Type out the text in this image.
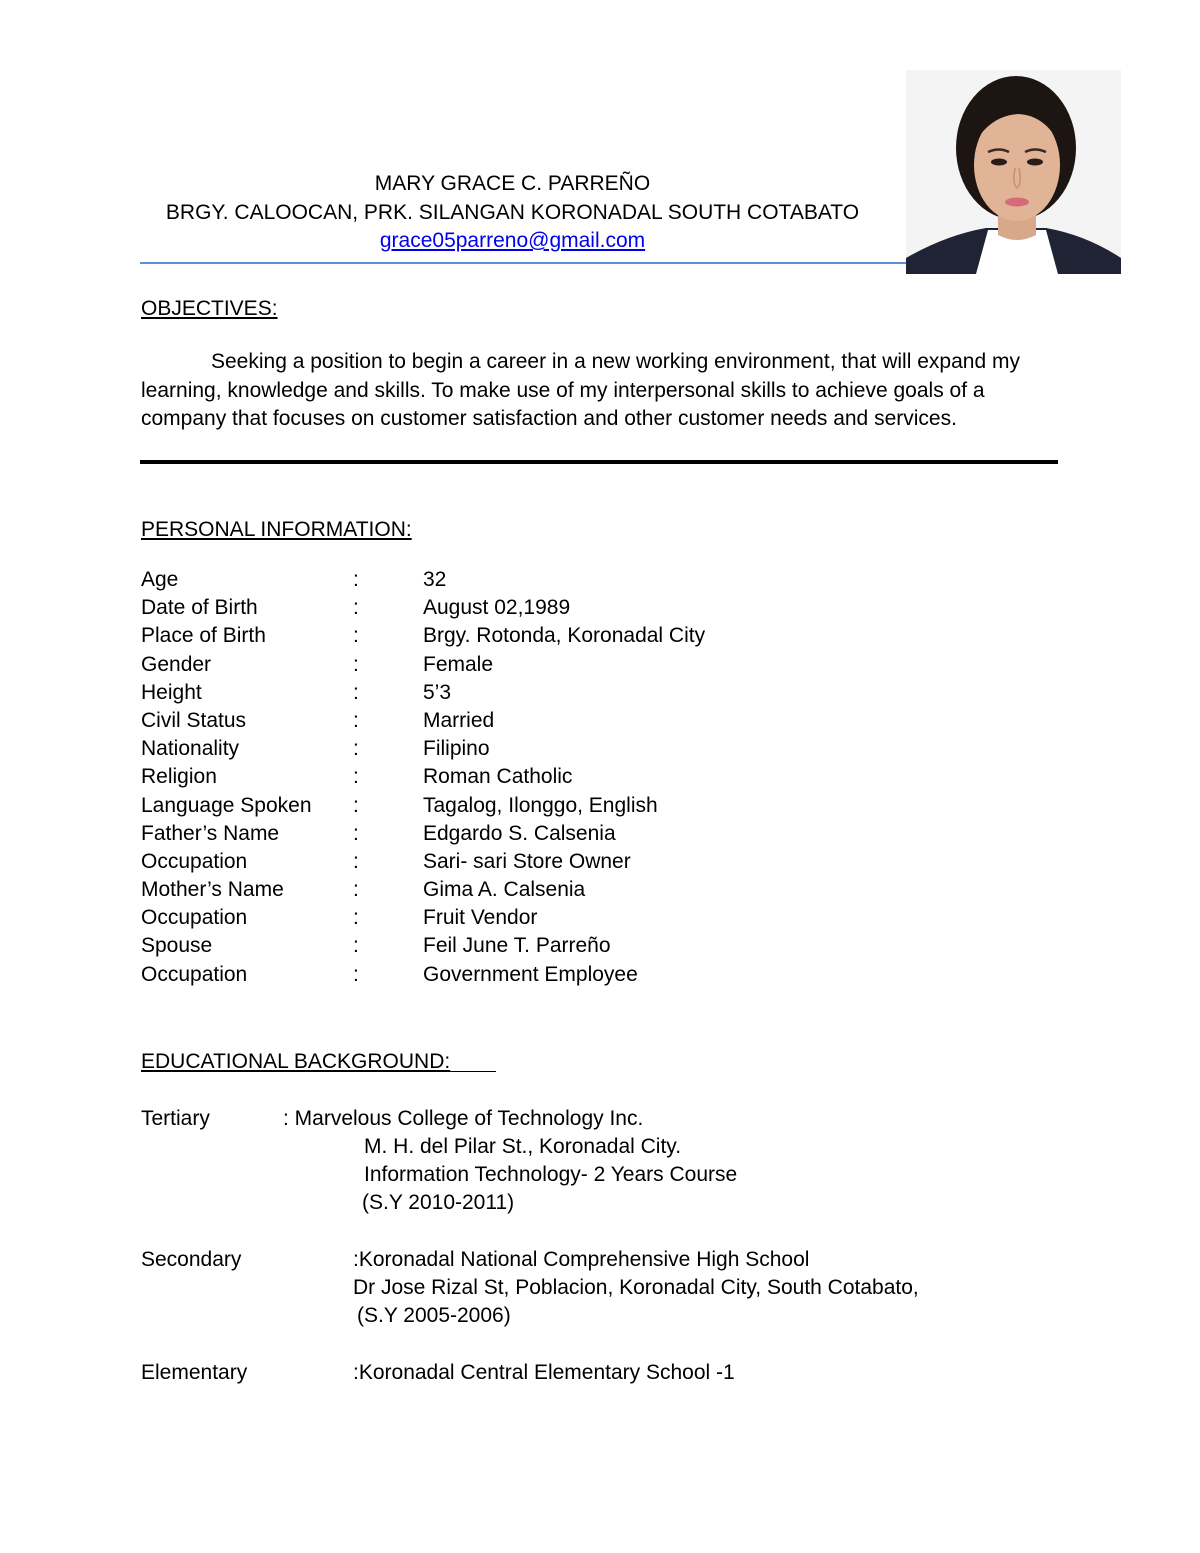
MARY GRACE C. PARREÑO
BRGY. CALOOCAN, PRK. SILANGAN KORONADAL SOUTH COTABATO
grace05parreno@gmail.com
OBJECTIVES:

Seeking a position to begin a career in a new working environment, that will expand my learning, knowledge and skills. To make use of my interpersonal skills to achieve goals of a company that focuses on customer satisfaction and other customer needs and services.

PERSONAL INFORMATION:
Age	:	32
Date of Birth	:	August 02,1989
Place of Birth	:	Brgy. Rotonda, Koronadal City
Gender	:	Female
Height	:	5’3
Civil Status	:	Married
Nationality	:	Filipino
Religion	:	Roman Catholic
Language Spoken	:	Tagalog, Ilonggo, English
Father’s Name	:	Edgardo S. Calsenia
Occupation	:	Sari- sari Store Owner
Mother’s Name	:	Gima A. Calsenia
Occupation	:	Fruit Vendor
Spouse	:	Feil June T. Parreño
Occupation	:	Government Employee
EDUCATIONAL BACKGROUND:
Tertiary	: Marvelous College of Technology Inc.
M. H. del Pilar St., Koronadal City.
Information Technology- 2 Years Course
(S.Y 2010-2011)
Secondary	:Koronadal National Comprehensive High School
Dr Jose Rizal St, Poblacion, Koronadal City, South Cotabato,
(S.Y 2005-2006)
Elementary	:Koronadal Central Elementary School -1
